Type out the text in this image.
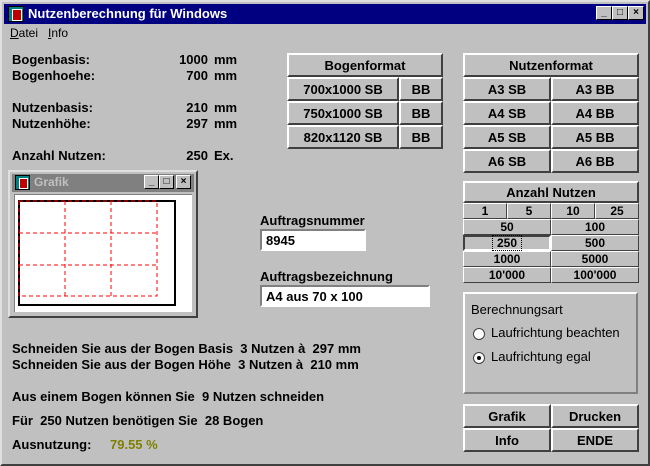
Nutzenberechnung für Windows	_	□	×
Datei Info
Bogenbasis:	1000 mm
Bogenhoehe:	700 mm
Nutzenbasis:	210 mm
Nutzenhöhe:	297 mm
Anzahl Nutzen:	250 Ex.
Bogenformat
700x1000 SB	BB
750x1000 SB	BB
820x1120 SB	BB
Nutzenformat
A3 SB	A3 BB
A4 SB	A4 BB
A5 SB	A5 BB
A6 SB	A6 BB
Anzahl Nutzen
1	5	10	25
50	100
250	500
1000	5000
10'000	100'000
Berechnungsart
Laufrichtung beachten
Laufrichtung egal
Auftragsnummer
8945
Auftragsbezeichnung
A4 aus 70 x 100
Grafik	_ □	×
Schneiden Sie aus der Bogen Basis  3 Nutzen à  297 mm
Schneiden Sie aus der Bogen Höhe  3 Nutzen à  210 mm
Aus einem Bogen können Sie  9 Nutzen schneiden
Für  250 Nutzen benötigen Sie  28 Bogen
Ausnutzung: 79.55 %
Grafik	Drucken
Info	ENDE
